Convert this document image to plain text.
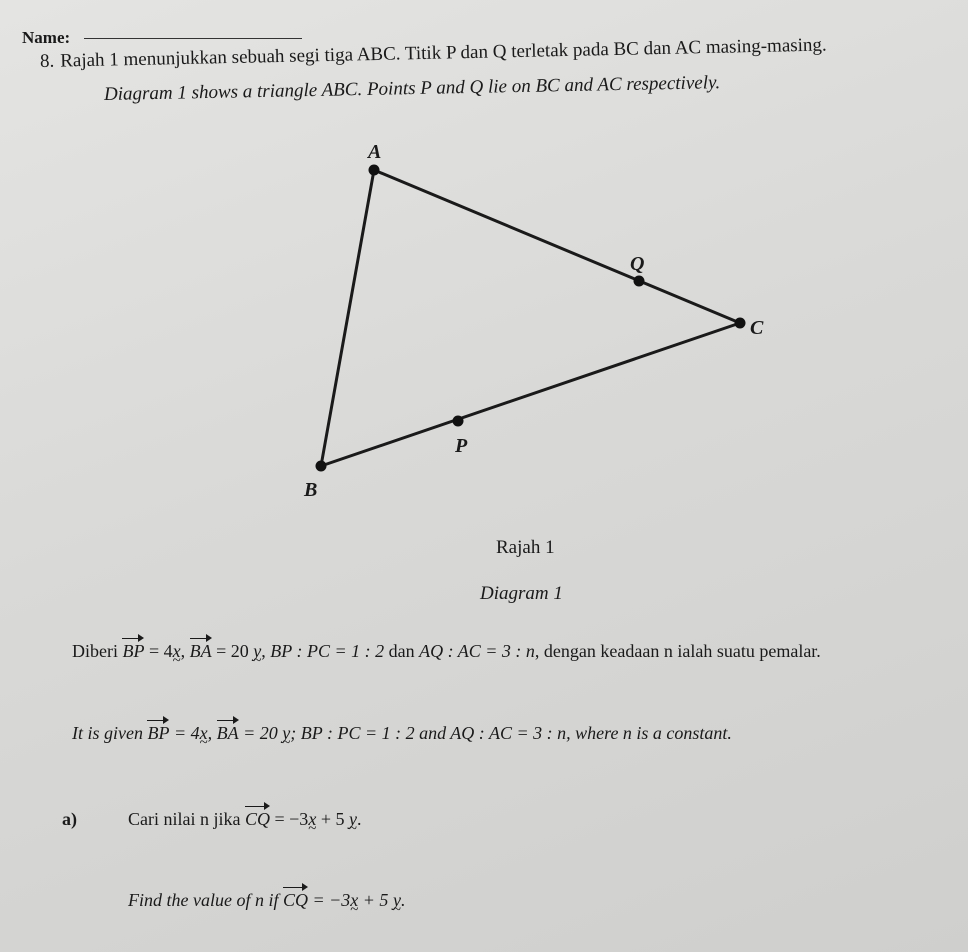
Name:
8. Rajah 1 menunjukkan sebuah segi tiga ABC. Titik P dan Q terletak pada BC dan AC masing-masing.
Diagram 1 shows a triangle ABC. Points P and Q lie on BC and AC respectively.
A
B
C
P
Q
Rajah 1
Diagram 1
Diberi BP = 4x ~, BA = 20 y ~, BP : PC = 1 : 2 dan AQ : AC = 3 : n, dengan keadaan n ialah suatu pemalar.
It is given BP = 4x ~, BA = 20 y ~; BP : PC = 1 : 2 and AQ : AC = 3 : n, where n is a constant.
a)	Cari nilai n jika CQ = −3x ~ + 5 y ~.
Find the value of n if CQ = −3x ~ + 5 y ~.
